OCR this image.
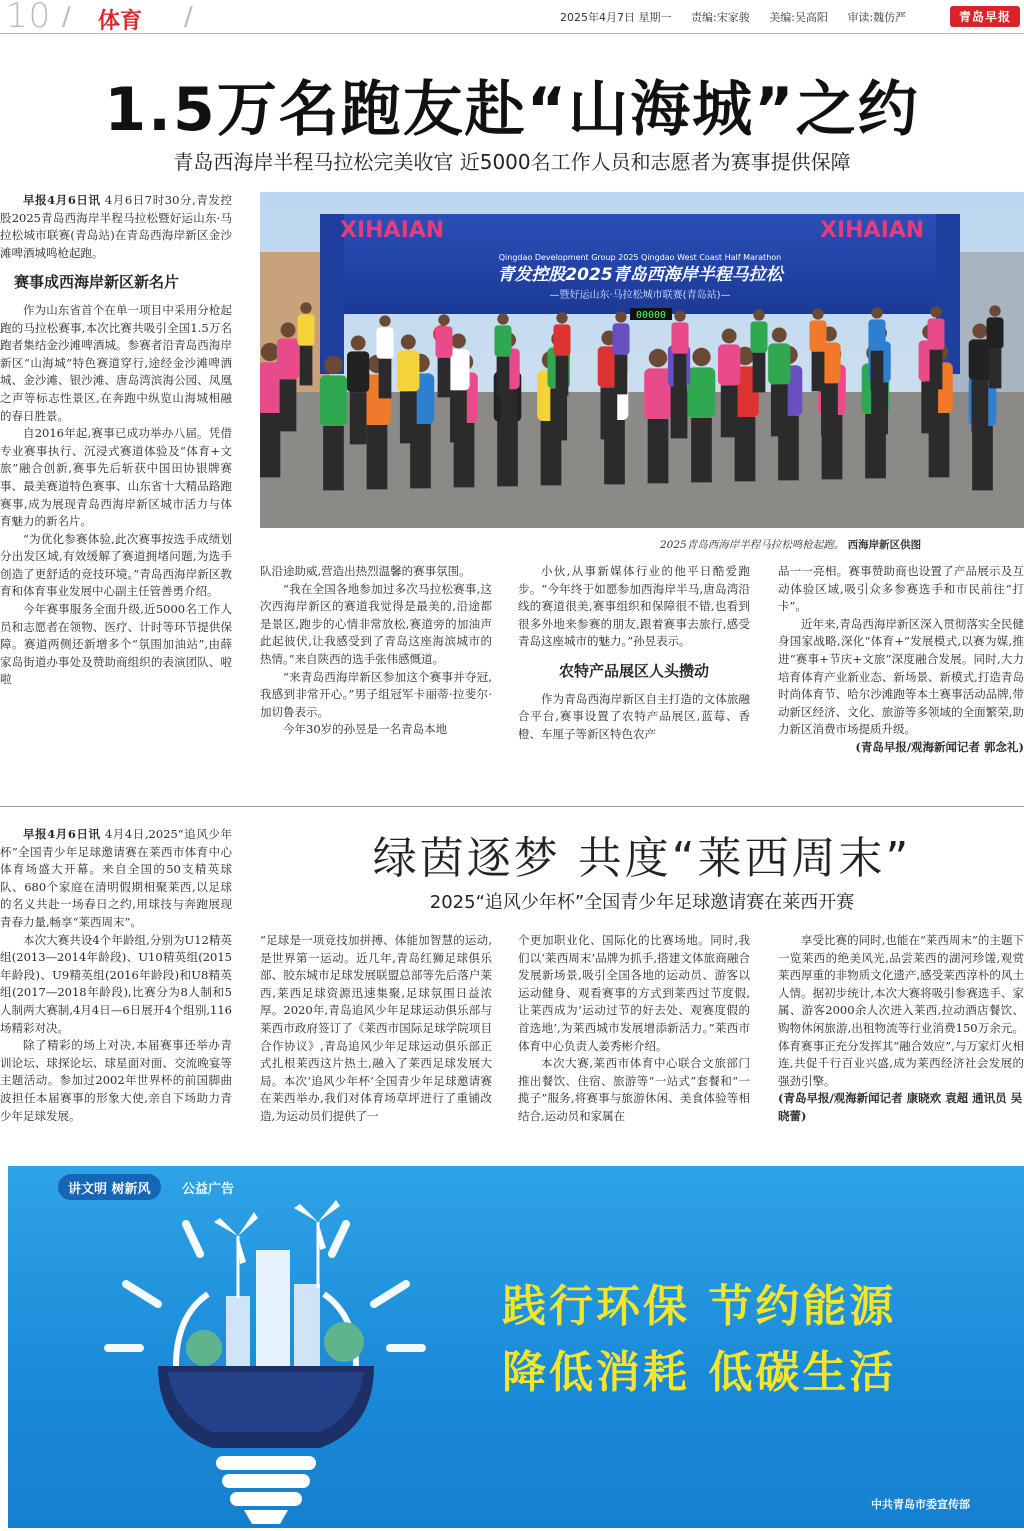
10 / 体育 /	2025年4月7日 星期一 责编:宋家骏 美编:吴高阳 审读:魏仿严	青岛早报
1.5万名跑友赴“山海城”之约
青岛西海岸半程马拉松完美收官 近5000名工作人员和志愿者为赛事提供保障

早报4月6日讯 4月6日7时30分,青发控股2025青岛西海岸半程马拉松暨好运山东·马拉松城市联赛(青岛站)在青岛西海岸新区金沙滩啤酒城鸣枪起跑。

赛事成西海岸新区新名片

作为山东省首个在单一项目中采用分枪起跑的马拉松赛事,本次比赛共吸引全国1.5万名跑者集结金沙滩啤酒城。参赛者沿青岛西海岸新区“山海城”特色赛道穿行,途经金沙滩啤酒城、金沙滩、银沙滩、唐岛湾滨海公园、凤凰之声等标志性景区,在奔跑中纵览山海城相融的春日胜景。

自2016年起,赛事已成功举办八届。凭借专业赛事执行、沉浸式赛道体验及“体育+文旅”融合创新,赛事先后斩获中国田协银牌赛事、最美赛道特色赛事、山东省十大精品路跑赛事,成为展现青岛西海岸新区城市活力与体育魅力的新名片。

“为优化参赛体验,此次赛事按选手成绩划分出发区域,有效缓解了赛道拥堵问题,为选手创造了更舒适的竞技环境。”青岛西海岸新区教育和体育事业发展中心副主任管善勇介绍。

今年赛事服务全面升级,近5000名工作人员和志愿者在领物、医疗、计时等环节提供保障。赛道两侧还新增多个“氛围加油站”,由薛家岛街道办事处及赞助商组织的表演团队、啦啦

XIHAIAN	XIHAIAN
Qingdao Development Group 2025 Qingdao West Coast Half Marathon
青发控股2025青岛西海岸半程马拉松
—暨好运山东·马拉松城市联赛(青岛站)—
00000
2025青岛西海岸半程马拉松鸣枪起跑。 西海岸新区供图

队沿途助威,营造出热烈温馨的赛事氛围。

“我在全国各地参加过多次马拉松赛事,这次西海岸新区的赛道我觉得是最美的,沿途都是景区,跑步的心情非常放松,赛道旁的加油声此起彼伏,让我感受到了青岛这座海滨城市的热情。”来自陕西的选手张伟感慨道。

“来青岛西海岸新区参加这个赛事并夺冠,我感到非常开心。”男子组冠军卡丽蒂·拉斐尔·加切鲁表示。

今年30岁的孙昱是一名青岛本地

小伙,从事新媒体行业的他平日酷爱跑步。“今年终于如愿参加西海岸半马,唐岛湾沿线的赛道很美,赛事组织和保障很不错,也看到很多外地来参赛的朋友,跟着赛事去旅行,感受青岛这座城市的魅力。”孙昱表示。

农特产品展区人头攒动

作为青岛西海岸新区自主打造的文体旅融合平台,赛事设置了农特产品展区,蓝莓、香橙、车厘子等新区特色农产

品一一亮相。赛事赞助商也设置了产品展示及互动体验区域,吸引众多参赛选手和市民前往“打卡”。

近年来,青岛西海岸新区深入贯彻落实全民健身国家战略,深化“体育+”发展模式,以赛为媒,推进“赛事+节庆+文旅”深度融合发展。同时,大力培育体育产业新业态、新场景、新模式,打造青岛时尚体育节、哈尔沙滩跑等本土赛事活动品牌,带动新区经济、文化、旅游等多领域的全面繁荣,助力新区消费市场提质升级。

(青岛早报/观海新闻记者 郭念礼)

绿茵逐梦 共度“莱西周末”
2025“追风少年杯”全国青少年足球邀请赛在莱西开赛

早报4月6日讯 4月4日,2025“追风少年杯”全国青少年足球邀请赛在莱西市体育中心体育场盛大开幕。来自全国的50支精英球队、680个家庭在清明假期相聚莱西,以足球的名义共赴一场春日之约,用球技与奔跑展现青春力量,畅享“莱西周末”。

本次大赛共设4个年龄组,分别为U12精英组(2013—2014年龄段)、U10精英组(2015年龄段)、U9精英组(2016年龄段)和U8精英组(2017—2018年龄段),比赛分为8人制和5人制两大赛制,4月4日—6日展开4个组别,116场精彩对决。

除了精彩的场上对决,本届赛事还举办青训论坛、球探论坛、球星面对面、交流晚宴等主题活动。参加过2002年世界杯的前国脚曲波担任本届赛事的形象大使,亲自下场助力青少年足球发展。

“足球是一项竞技加拼搏、体能加智慧的运动,是世界第一运动。近几年,青岛红狮足球俱乐部、胶东城市足球发展联盟总部等先后落户莱西,莱西足球资源迅速集聚,足球氛围日益浓厚。2020年,青岛追风少年足球运动俱乐部与莱西市政府签订了《莱西市国际足球学院项目合作协议》,青岛追风少年足球运动俱乐部正式扎根莱西这片热土,融入了莱西足球发展大局。本次‘追风少年杯’全国青少年足球邀请赛在莱西举办,我们对体育场草坪进行了重铺改造,为运动员们提供了一

个更加职业化、国际化的比赛场地。同时,我们以‘莱西周末’品牌为抓手,搭建文体旅商融合发展新场景,吸引全国各地的运动员、游客以运动健身、观看赛事的方式到莱西过节度假,让莱西成为‘运动过节的好去处、观赛度假的首选地’,为莱西城市发展增添新活力。”莱西市体育中心负责人姜秀彬介绍。

本次大赛,莱西市体育中心联合文旅部门推出餐饮、住宿、旅游等“一站式”套餐和“一揽子”服务,将赛事与旅游休闲、美食体验等相结合,运动员和家属在

享受比赛的同时,也能在“莱西周末”的主题下一览莱西的绝美风光,品尝莱西的湖河珍馐,观赏莱西厚重的非物质文化遗产,感受莱西淳朴的风土人情。据初步统计,本次大赛将吸引参赛选手、家属、游客2000余人次进入莱西,拉动酒店餐饮、购物休闲旅游,出租物流等行业消费150万余元。体育赛事正充分发挥其“融合效应”,与万家灯火相连,共促千行百业兴盛,成为莱西经济社会发展的强劲引擎。

(青岛早报/观海新闻记者 康晓欢 袁超 通讯员 吴晓蕾)

讲文明 树新风	公益广告
践行环保 节约能源
降低消耗 低碳生活
中共青岛市委宣传部
